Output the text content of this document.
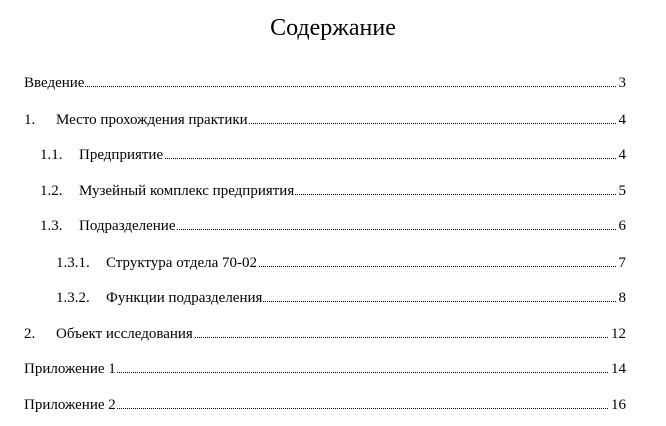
Содержание
Введение	3
1. Место прохождения практики	4
1.1. Предприятие	4
1.2. Музейный комплекс предприятия	5
1.3. Подразделение	6
1.3.1. Структура отдела 70-02	7
1.3.2. Функции подразделения	8
2. Объект исследования	12
Приложение 1	14
Приложение 2	16
